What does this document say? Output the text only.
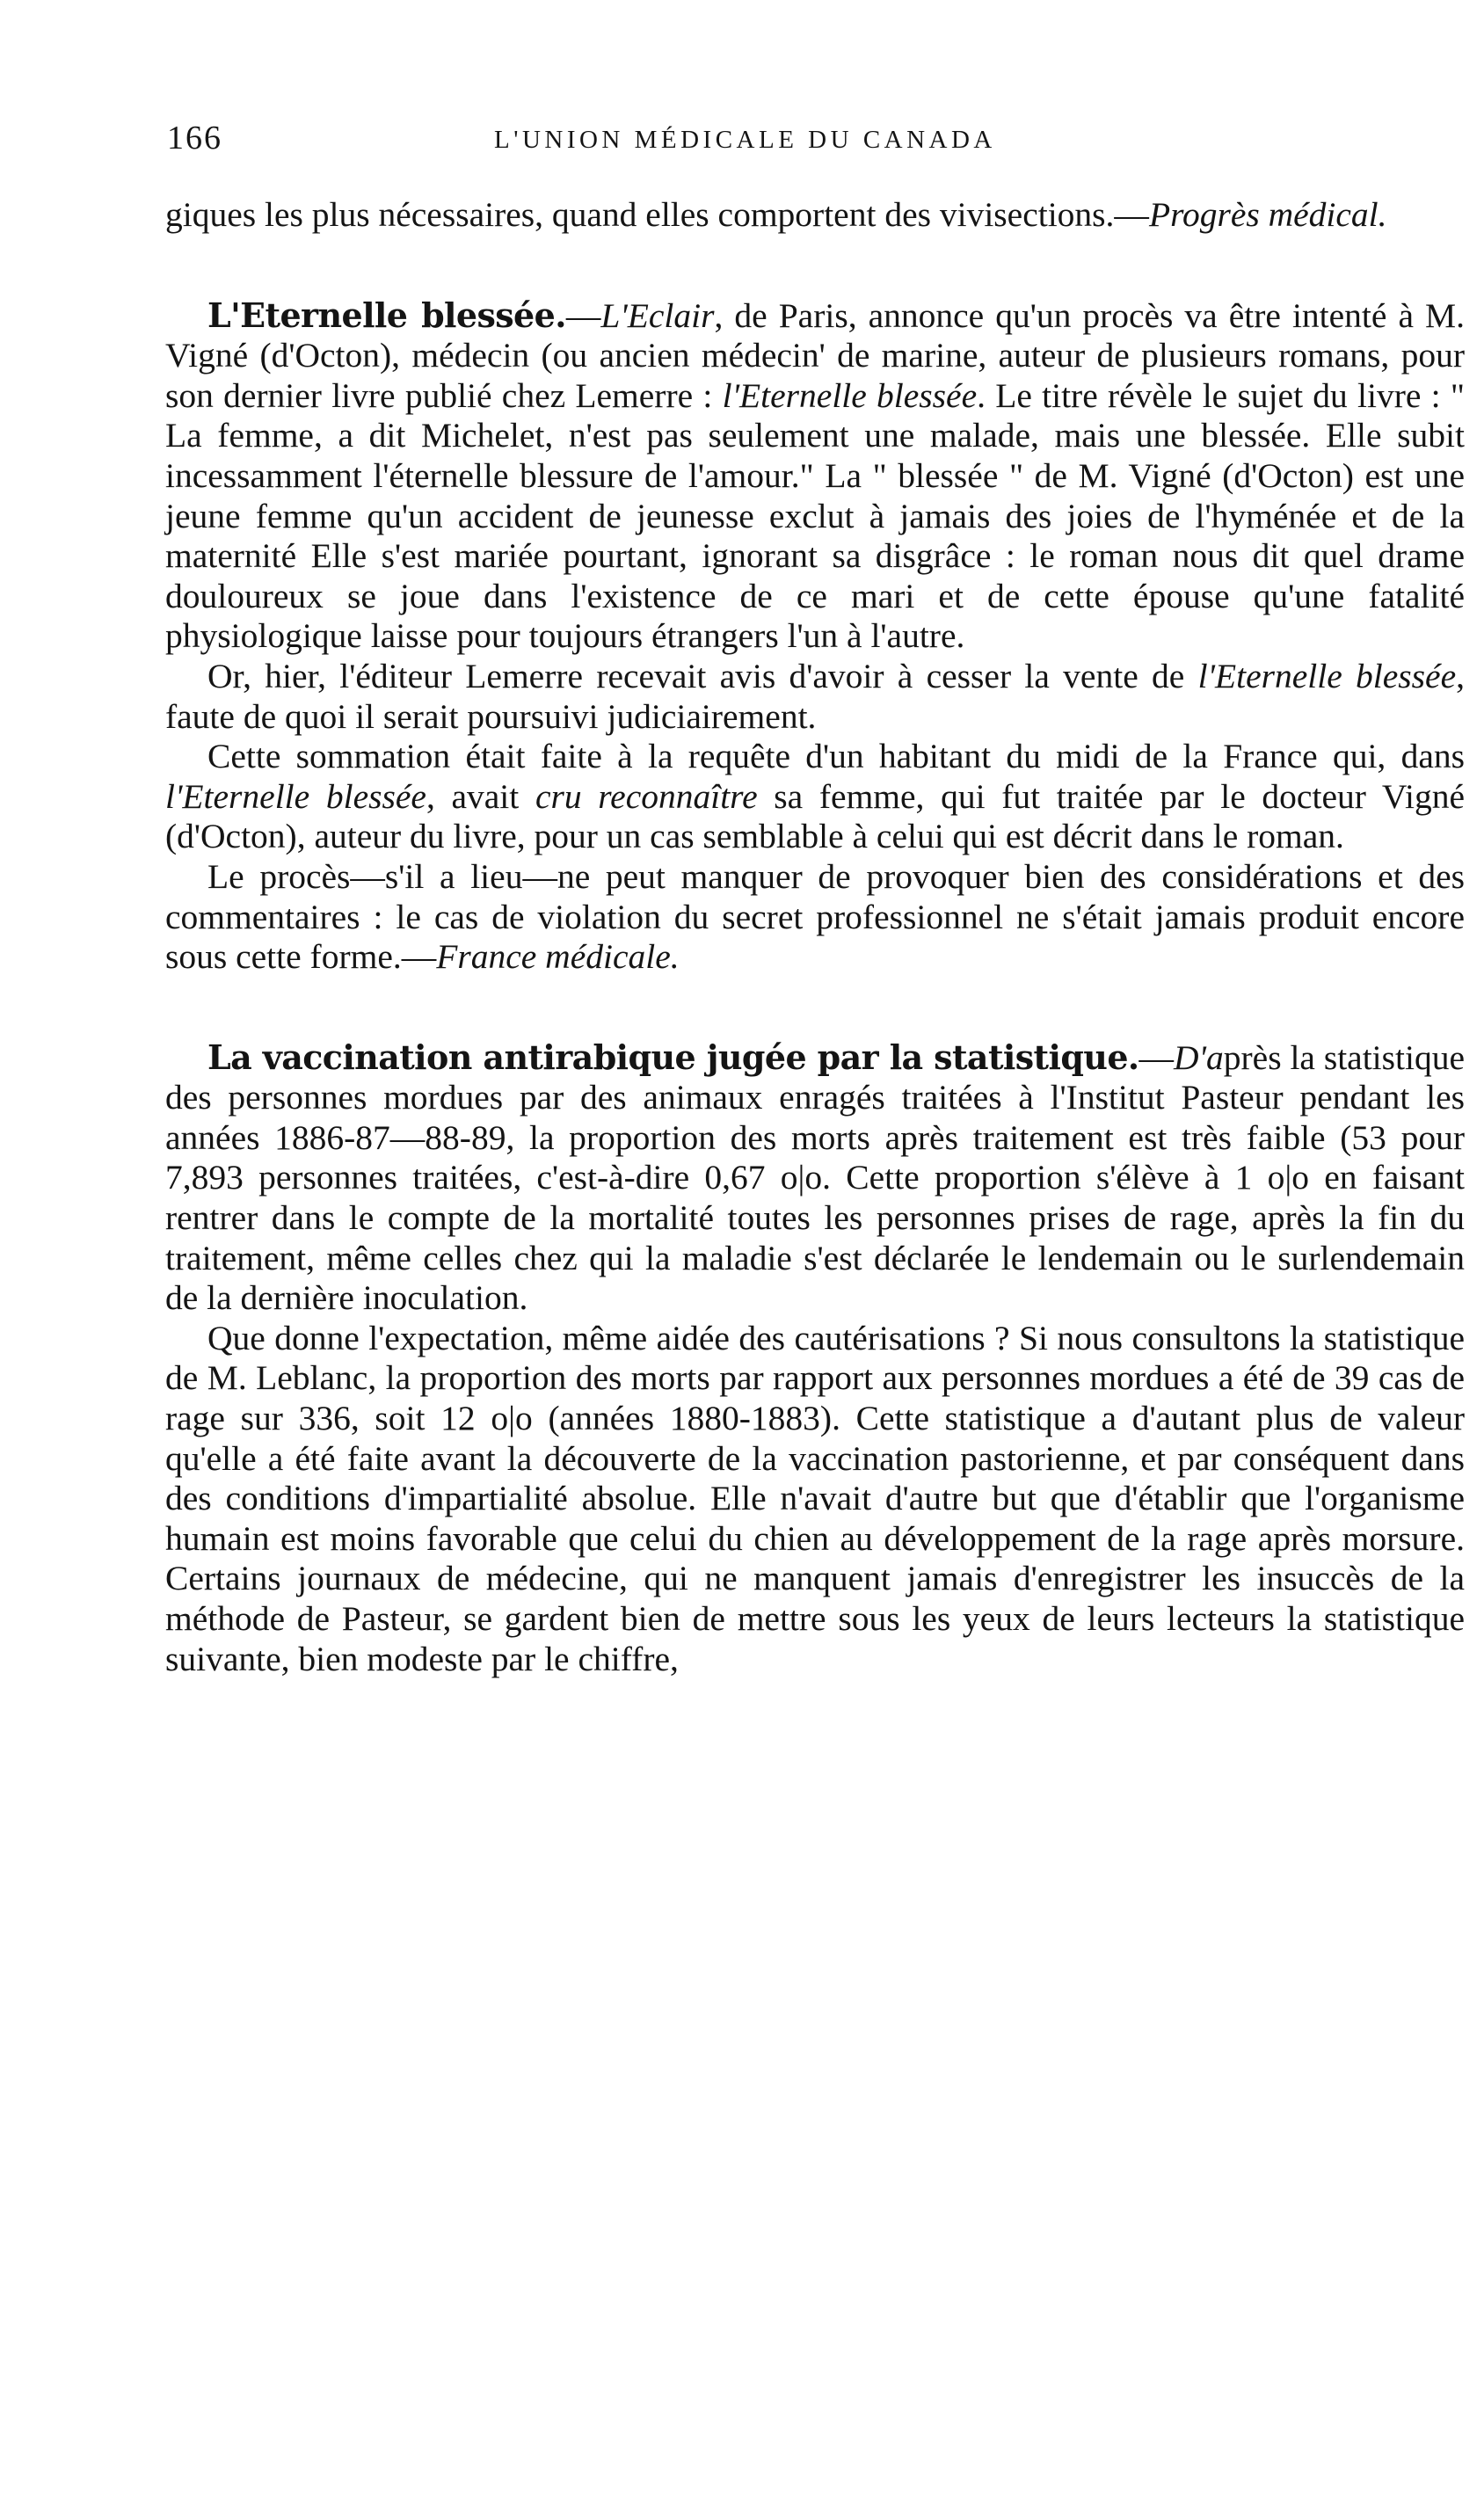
166	L'UNION MÉDICALE DU CANADA

giques les plus nécessaires, quand elles comportent des vivisections.—Progrès médical.

L'Eternelle blessée.—L'Eclair, de Paris, annonce qu'un procès va être intenté à M. Vigné (d'Octon), médecin (ou ancien médecin' de marine, auteur de plusieurs romans, pour son dernier livre publié chez Lemerre : l'Eternelle blessée. Le titre révèle le sujet du livre : " La femme, a dit Michelet, n'est pas seulement une malade, mais une blessée. Elle subit incessamment l'éternelle blessure de l'amour." La " blessée " de M. Vigné (d'Octon) est une jeune femme qu'un accident de jeunesse exclut à jamais des joies de l'hyménée et de la maternité Elle s'est mariée pourtant, ignorant sa disgrâce : le roman nous dit quel drame douloureux se joue dans l'existence de ce mari et de cette épouse qu'une fatalité physiologique laisse pour toujours étrangers l'un à l'autre.

Or, hier, l'éditeur Lemerre recevait avis d'avoir à cesser la vente de l'Eternelle blessée, faute de quoi il serait poursuivi judiciairement.

Cette sommation était faite à la requête d'un habitant du midi de la France qui, dans l'Eternelle blessée, avait cru reconnaître sa femme, qui fut traitée par le docteur Vigné (d'Octon), auteur du livre, pour un cas semblable à celui qui est décrit dans le roman.

Le procès—s'il a lieu—ne peut manquer de provoquer bien des considérations et des commentaires : le cas de violation du secret professionnel ne s'était jamais produit encore sous cette forme.—France médicale.

La vaccination antirabique jugée par la statistique.—D'après la statistique des personnes mordues par des animaux enragés traitées à l'Institut Pasteur pendant les années 1886-87—88-89, la proportion des morts après traitement est très faible (53 pour 7,893 personnes traitées, c'est-à-dire 0,67 o|o. Cette proportion s'élève à 1 o|o en faisant rentrer dans le compte de la mortalité toutes les personnes prises de rage, après la fin du traitement, même celles chez qui la maladie s'est déclarée le lendemain ou le surlendemain de la dernière inoculation.

Que donne l'expectation, même aidée des cautérisations ? Si nous consultons la statistique de M. Leblanc, la proportion des morts par rapport aux personnes mordues a été de 39 cas de rage sur 336, soit 12 o|o (années 1880-1883). Cette statistique a d'autant plus de valeur qu'elle a été faite avant la découverte de la vaccination pastorienne, et par conséquent dans des conditions d'impartialité absolue. Elle n'avait d'autre but que d'établir que l'organisme humain est moins favorable que celui du chien au développement de la rage après morsure. Certains journaux de médecine, qui ne manquent jamais d'enregistrer les insuccès de la méthode de Pasteur, se gardent bien de mettre sous les yeux de leurs lecteurs la statistique suivante, bien modeste par le chiffre,
